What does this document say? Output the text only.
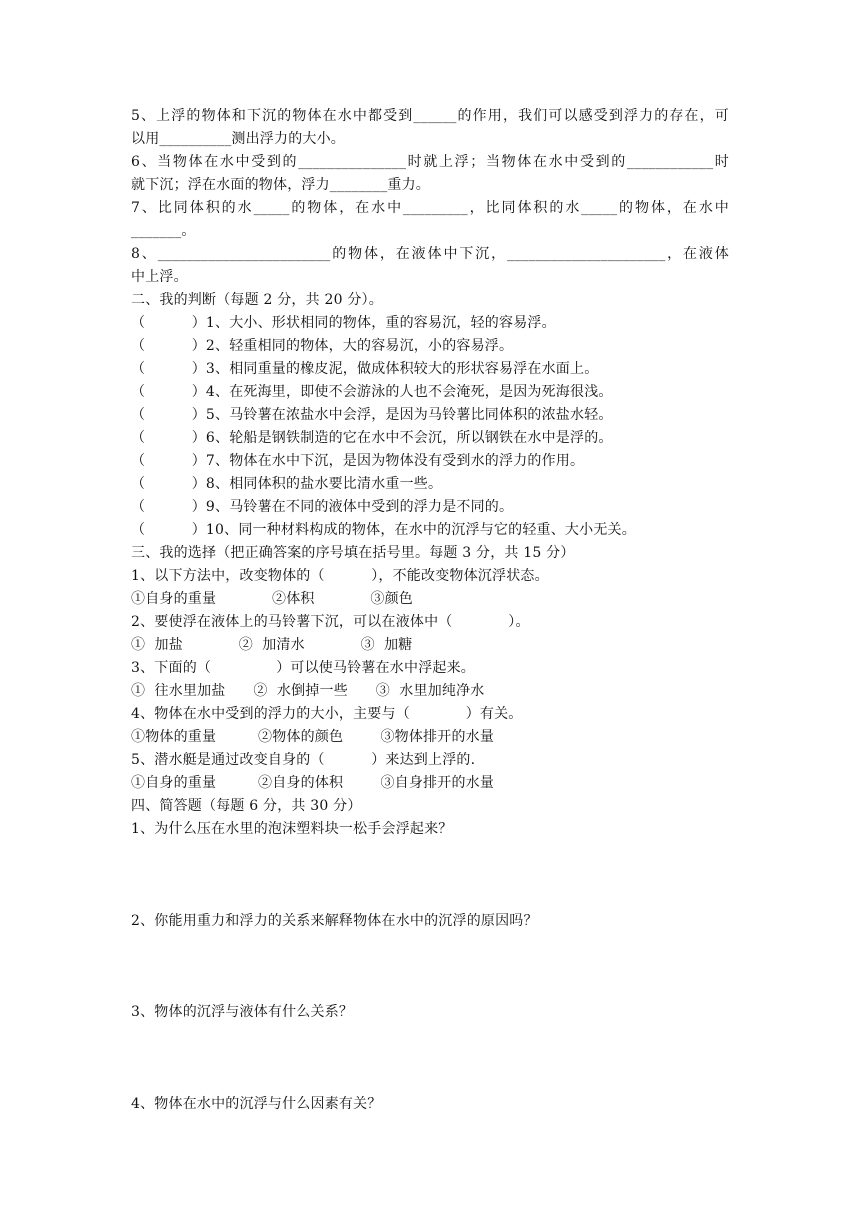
5、上浮的物体和下沉的物体在水中都受到______的作用，我们可以感受到浮力的存在，可
以用__________测出浮力的大小。
6、当物体在水中受到的_______________时就上浮；当物体在水中受到的____________时
就下沉；浮在水面的物体，浮力________重力。
7、比同体积的水_____的物体，在水中_________，比同体积的水_____的物体，在水中
_______。
8、________________________的物体，在液体中下沉，______________________，在液体
中上浮。
二、我的判断（每题 2 分，共 20 分）。
（          ）1、大小、形状相同的物体，重的容易沉，轻的容易浮。
（          ）2、轻重相同的物体，大的容易沉，小的容易浮。
（          ）3、相同重量的橡皮泥，做成体积较大的形状容易浮在水面上。
（          ）4、在死海里，即使不会游泳的人也不会淹死，是因为死海很浅。
（          ）5、马铃薯在浓盐水中会浮，是因为马铃薯比同体积的浓盐水轻。
（          ）6、轮船是钢铁制造的它在水中不会沉，所以钢铁在水中是浮的。
（          ）7、物体在水中下沉，是因为物体没有受到水的浮力的作用。
（          ）8、相同体积的盐水要比清水重一些。
（          ）9、马铃薯在不同的液体中受到的浮力是不同的。
（          ）10、同一种材料构成的物体，在水中的沉浮与它的轻重、大小无关。
三、我的选择（把正确答案的序号填在括号里。每题 3 分，共 15 分）
1、以下方法中，改变物体的（          ），不能改变物体沉浮状态。
①自身的重量            ②体积            ③颜色
2、要使浮在液体上的马铃薯下沉，可以在液体中（            ）。
①  加盐            ②  加清水            ③  加糖
3、下面的（              ）可以使马铃薯在水中浮起来。
①  往水里加盐      ②  水倒掉一些      ③  水里加纯净水
4、物体在水中受到的浮力的大小，主要与（            ）有关。
①物体的重量         ②物体的颜色        ③物体排开的水量
5、潜水艇是通过改变自身的（          ）来达到上浮的.
①自身的重量         ②自身的体积        ③自身排开的水量
四、简答题（每题 6 分，共 30 分）
1、为什么压在水里的泡沫塑料块一松手会浮起来？
2、你能用重力和浮力的关系来解释物体在水中的沉浮的原因吗？
3、物体的沉浮与液体有什么关系？
4、物体在水中的沉浮与什么因素有关？
